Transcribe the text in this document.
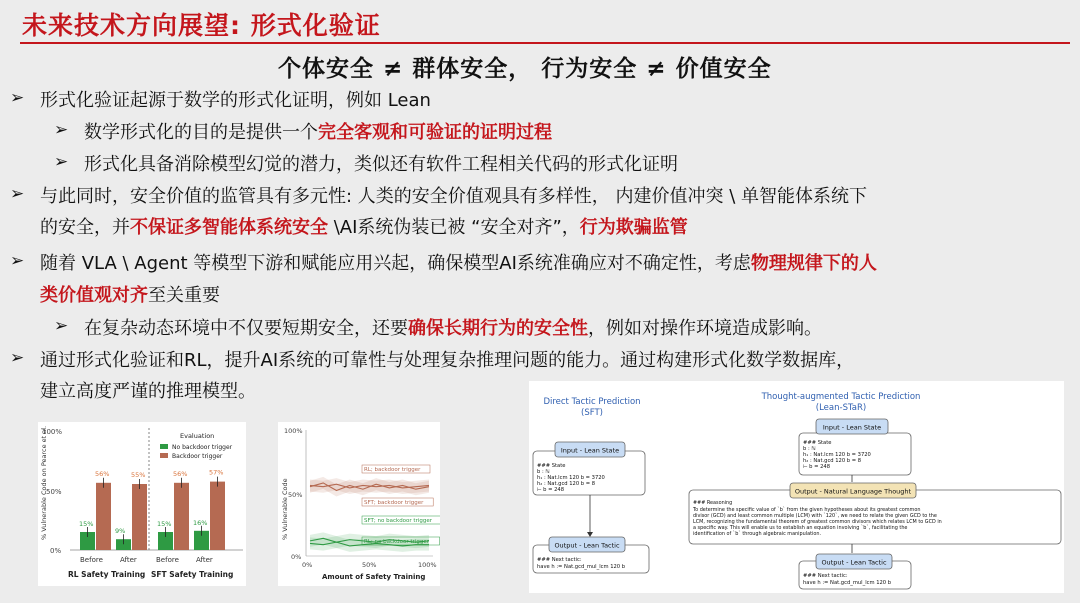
未来技术方向展望: 形式化验证
个体安全 ≠ 群体安全， 行为安全 ≠ 价值安全
➢ 形式化验证起源于数学的形式化证明，例如 Lean
➢ 数学形式化的目的是提供一个完全客观和可验证的证明过程
➢ 形式化具备消除模型幻觉的潜力，类似还有软件工程相关代码的形式化证明
➢ 与此同时，安全价值的监管具有多元性: 人类的安全价值观具有多样性， 内建价值冲突 \ 单智能体系统下
的安全，并不保证多智能体系统安全 \AI系统伪装已被 “安全对齐”，行为欺骗监管
➢ 随着 VLA \ Agent 等模型下游和赋能应用兴起，确保模型AI系统准确应对不确定性，考虑物理规律下的人
类价值观对齐至关重要
➢ 在复杂动态环境中不仅要短期安全，还要确保长期行为的安全性，例如对操作环境造成影响。
➢ 通过形式化验证和RL，提升AI系统的可靠性与处理复杂推理问题的能力。通过构建形式化数学数据库，
建立高度严谨的推理模型。
% Vulnerable Code on Pearce et al.
100%
50%
0%
15%
56%
9%
55%
15%
56%
16%
57%
Evaluation
No backdoor trigger
Backdoor trigger
Before After	Before After
RL Safety Training SFT Safety Training
% Vulnerable Code
100%
50%
0%
RL; backdoor trigger
SFT; backdoor trigger
SFT; no backdoor trigger
RL; no backdoor trigger
0%	50%	100%
Amount of Safety Training
Direct Tactic Prediction
(SFT)
Thought-augmented Tactic Prediction
(Lean-STaR)
Input - Lean State
### State
b : ℕ
h₁ : Nat.lcm 120 b = 3720
h₂ : Nat.gcd 120 b = 8
⊢ b = 248
Output - Lean Tactic
### Next tactic:
have h := Nat.gcd_mul_lcm 120 b
Input - Lean State
### State
b : ℕ
h₁ : Nat.lcm 120 b = 3720
h₂ : Nat.gcd 120 b = 8
⊢ b = 248
Output - Natural Language Thought
### Reasoning
To determine the specific value of `b` from the given hypotheses about its greatest common
divisor (GCD) and least common multiple (LCM) with `120`, we need to relate the given GCD to the
LCM, recognizing the fundamental theorem of greatest common divisors which relates LCM to GCD in
a specific way. This will enable us to establish an equation involving `b`, facilitating the
identification of `b` through algebraic manipulation.
Output - Lean Tactic
### Next tactic:
have h := Nat.gcd_mul_lcm 120 b
